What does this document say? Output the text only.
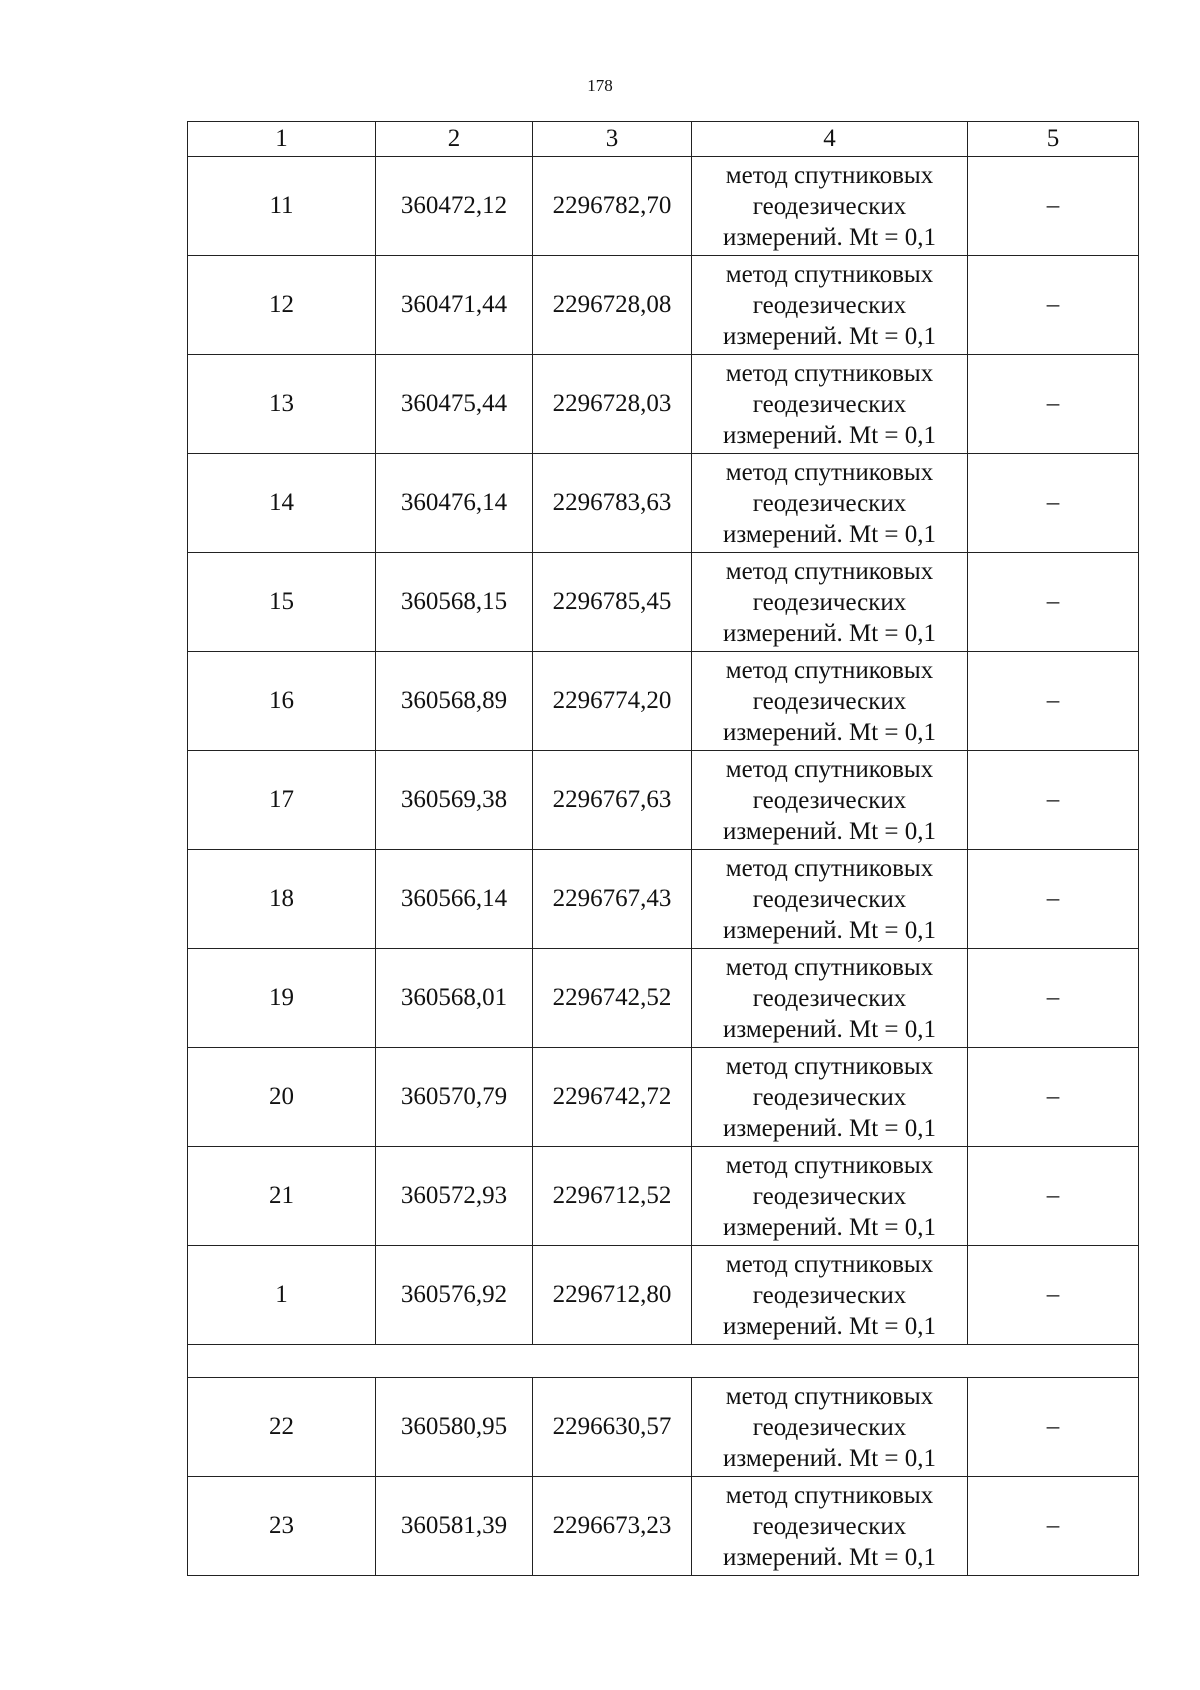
178
1	2	3	4	5
11	360472,12	2296782,70	метод спутниковых геодезических измерений. Mt = 0,1	–
12	360471,44	2296728,08	метод спутниковых геодезических измерений. Mt = 0,1	–
13	360475,44	2296728,03	метод спутниковых геодезических измерений. Mt = 0,1	–
14	360476,14	2296783,63	метод спутниковых геодезических измерений. Mt = 0,1	–
15	360568,15	2296785,45	метод спутниковых геодезических измерений. Mt = 0,1	–
16	360568,89	2296774,20	метод спутниковых геодезических измерений. Mt = 0,1	–
17	360569,38	2296767,63	метод спутниковых геодезических измерений. Mt = 0,1	–
18	360566,14	2296767,43	метод спутниковых геодезических измерений. Mt = 0,1	–
19	360568,01	2296742,52	метод спутниковых геодезических измерений. Mt = 0,1	–
20	360570,79	2296742,72	метод спутниковых геодезических измерений. Mt = 0,1	–
21	360572,93	2296712,52	метод спутниковых геодезических измерений. Mt = 0,1	–
1	360576,92	2296712,80	метод спутниковых геодезических измерений. Mt = 0,1	–

22	360580,95	2296630,57	метод спутниковых геодезических измерений. Mt = 0,1	–
23	360581,39	2296673,23	метод спутниковых геодезических измерений. Mt = 0,1	–
